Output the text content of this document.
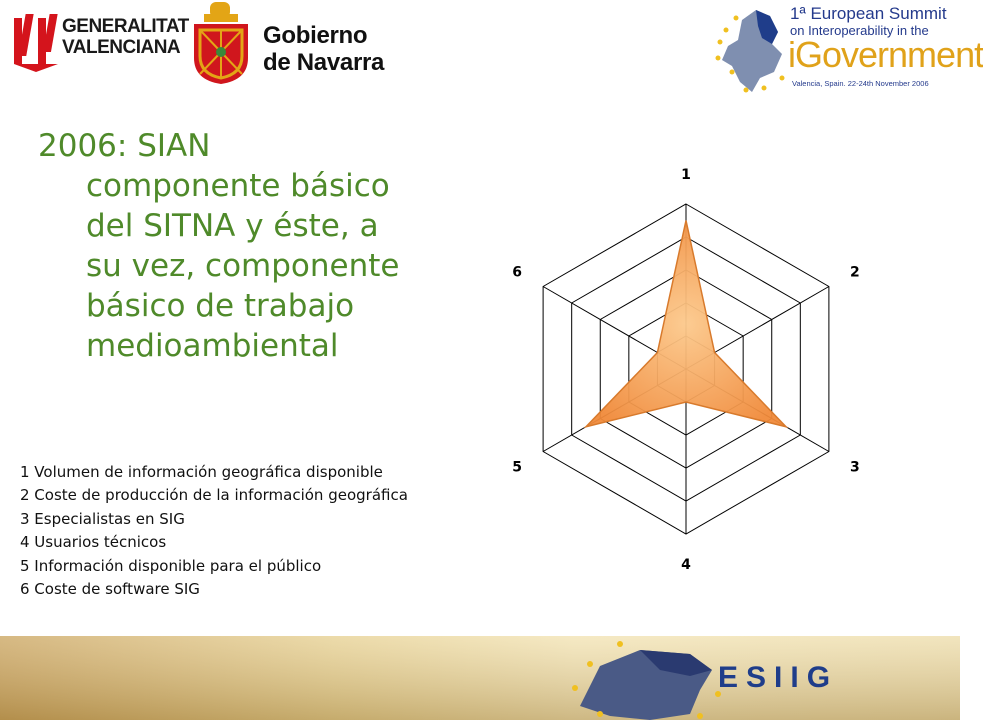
GENERALITAT
VALENCIANA	Gobierno
de Navarra
1ª European Summit
on Interoperability in the
iGovernment
Valencia, Spain. 22-24th November 2006
2006: SIAN
componente básico
del SITNA y éste, a
su vez, componente
básico de trabajo
medioambiental
1
2
3
4
5
6
1 Volumen de información geográfica disponible
2 Coste de producción de la información geográfica
3 Especialistas en SIG
4 Usuarios técnicos
5 Información disponible para el público
6 Coste de software SIG
ESIIG
